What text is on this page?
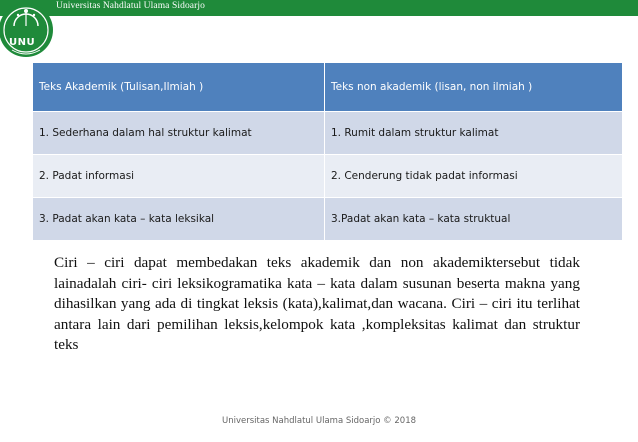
Universitas Nahdlatul Ulama Sidoarjo
UNU
Teks Akademik (Tulisan,Ilmiah )	Teks non akademik (lisan, non ilmiah )
1. Sederhana dalam hal struktur kalimat	1. Rumit dalam struktur kalimat
2. Padat informasi	2. Cenderung tidak padat informasi
3. Padat akan kata – kata leksikal	3.Padat akan kata – kata struktual

Ciri – ciri dapat membedakan teks akademik dan non akademiktersebut tidak lainadalah ciri- ciri leksikogramatika kata – kata dalam susunan beserta makna yang dihasilkan yang ada di tingkat leksis (kata),kalimat,dan wacana. Ciri – ciri itu terlihat antara lain dari pemilihan leksis,kelompok kata ,kompleksitas kalimat dan struktur teks

Universitas Nahdlatul Ulama Sidoarjo © 2018
